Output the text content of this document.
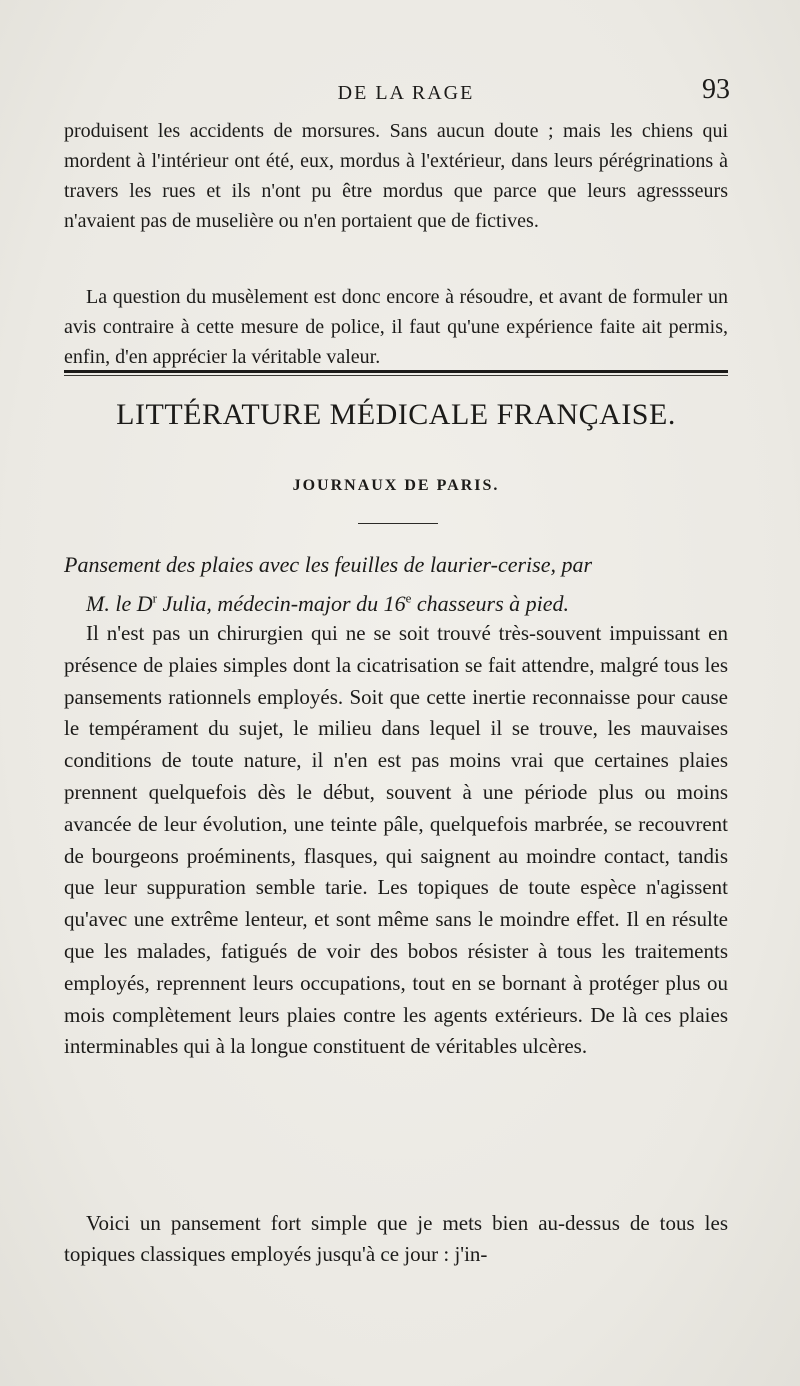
DE LA RAGE	93

produisent les accidents de morsures. Sans aucun doute ; mais les chiens qui mordent à l'intérieur ont été, eux, mordus à l'extérieur, dans leurs pérégrinations à travers les rues et ils n'ont pu être mordus que parce que leurs agressseurs n'avaient pas de muselière ou n'en portaient que de fictives.

La question du musèlement est donc encore à résoudre, et avant de formuler un avis contraire à cette mesure de police, il faut qu'une expérience faite ait permis, enfin, d'en apprécier la véritable valeur.

LITTÉRATURE MÉDICALE FRANÇAISE.
JOURNAUX DE PARIS.

Pansement des plaies avec les feuilles de laurier-cerise, par
M. le $D^r$ Julia, médecin-major du 16e chasseurs à pied.

Il n'est pas un chirurgien qui ne se soit trouvé très-souvent impuissant en présence de plaies simples dont la cicatrisation se fait attendre, malgré tous les pansements rationnels employés. Soit que cette inertie reconnaisse pour cause le tempérament du sujet, le milieu dans lequel il se trouve, les mauvaises conditions de toute nature, il n'en est pas moins vrai que certaines plaies prennent quelquefois dès le début, souvent à une période plus ou moins avancée de leur évolution, une teinte pâle, quelquefois marbrée, se recouvrent de bourgeons proéminents, flasques, qui saignent au moindre contact, tandis que leur suppuration semble tarie. Les topiques de toute espèce n'agissent qu'avec une extrême lenteur, et sont même sans le moindre effet. Il en résulte que les malades, fatigués de voir des bobos résister à tous les traitements employés, reprennent leurs occupations, tout en se bornant à protéger plus ou mois complètement leurs plaies contre les agents extérieurs. De là ces plaies interminables qui à la longue constituent de véritables ulcères.

Voici un pansement fort simple que je mets bien au-dessus de tous les topiques classiques employés jusqu'à ce jour : j'in-
